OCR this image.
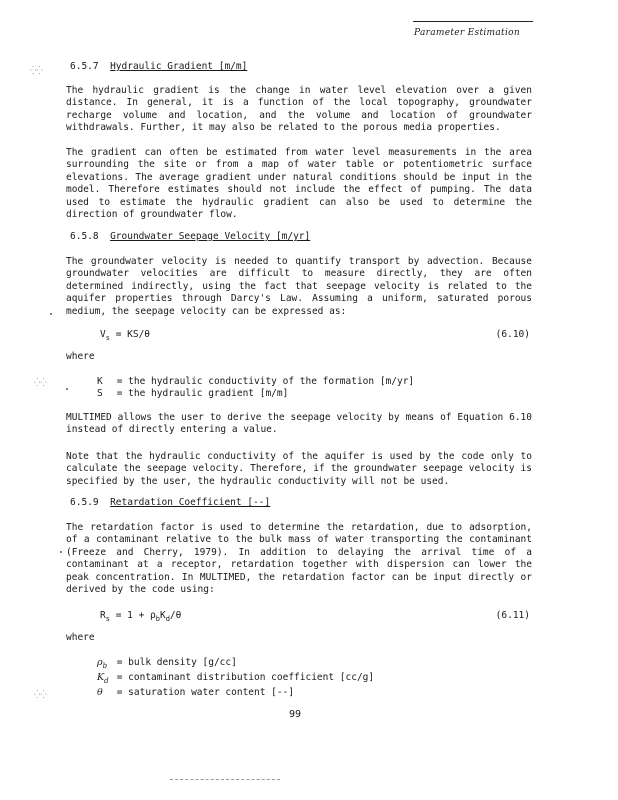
Parameter Estimation
6.5.7 Hydraulic Gradient [m/m]

The hydraulic gradient is the change in water level elevation over a given distance. In general, it is a function of the local topography, groundwater recharge volume and location, and the volume and location of groundwater withdrawals. Further, it may also be related to the porous media properties.

The gradient can often be estimated from water level measurements in the area surrounding the site or from a map of water table or potentiometric surface elevations. The average gradient under natural conditions should be input in the model. Therefore estimates should not include the effect of pumping. The data used to estimate the hydraulic gradient can also be used to determine the direction of groundwater flow.

6.5.8 Groundwater Seepage Velocity [m/yr]

The groundwater velocity is needed to quantify transport by advection. Because groundwater velocities are difficult to measure directly, they are often determined indirectly, using the fact that seepage velocity is related to the aquifer properties through Darcy's Law. Assuming a uniform, saturated porous medium, the seepage velocity can be expressed as:

$V_s = KS/\theta$	(6.10)
where
K = the hydraulic conductivity of the formation [m/yr]
S = the hydraulic gradient [m/m]

MULTIMED allows the user to derive the seepage velocity by means of Equation 6.10 instead of directly entering a value.

Note that the hydraulic conductivity of the aquifer is used by the code only to calculate the seepage velocity. Therefore, if the groundwater seepage velocity is specified by the user, the hydraulic conductivity will not be used.

6.5.9 Retardation Coefficient [--]

The retardation factor is used to determine the retardation, due to adsorption, of a contaminant relative to the bulk mass of water transporting the contaminant (Freeze and Cherry, 1979). In addition to delaying the arrival time of a contaminant at a receptor, retardation together with dispersion can lower the peak concentration. In MULTIMED, the retardation factor can be input directly or derived by the code using:

$R_s = 1 + \rho_bK_d/\theta$	(6.11)
where
$\rho_b$ = bulk density [g/cc]
$K_d$ = contaminant distribution coefficient [cc/g]
θ = saturation water content [--]
99
⁛⁛
⁛⁛
⁛⁛
